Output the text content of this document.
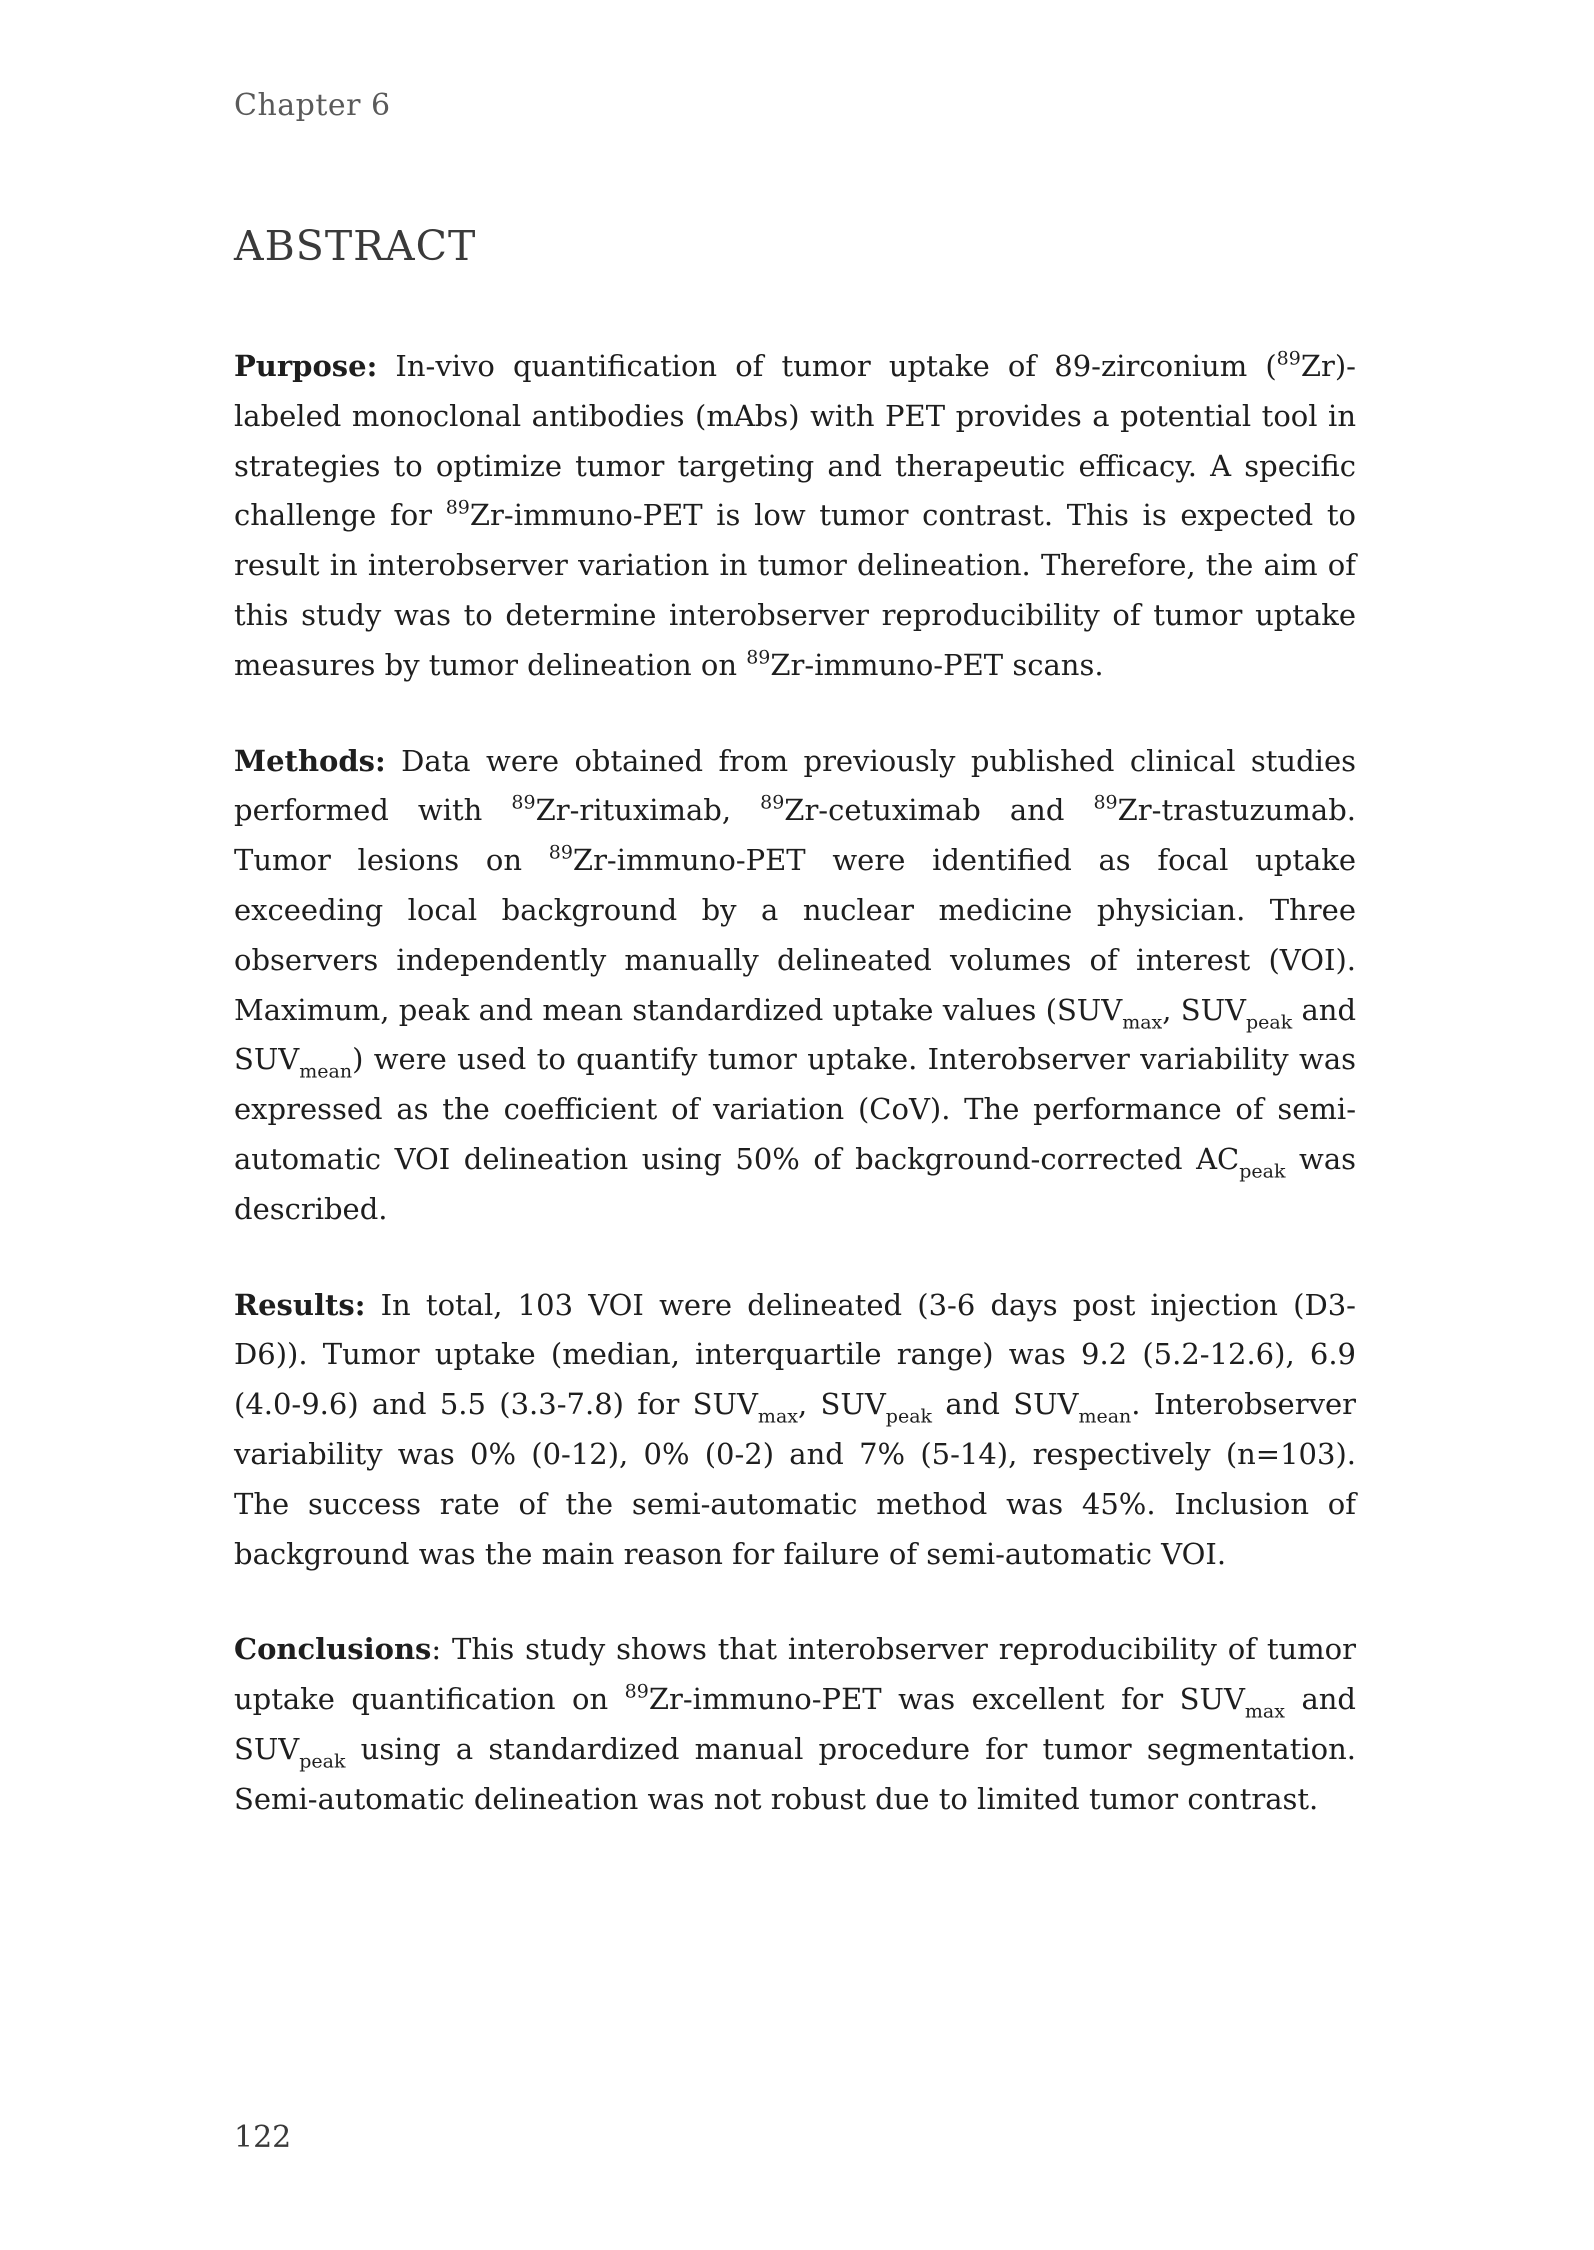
Chapter 6
ABSTRACT

Purpose: In-vivo quantification of tumor uptake of 89-zirconium ($^{89}$Zr)-labeled monoclonal antibodies (mAbs) with PET provides a potential tool in strategies to optimize tumor targeting and therapeutic efficacy. A specific challenge for $^{89}$Zr-immuno-PET is low tumor contrast. This is expected to result in interobserver variation in tumor delineation. Therefore, the aim of this study was to determine interobserver reproducibility of tumor uptake measures by tumor delineation on $^{89}$Zr-immuno-PET scans.

Methods: Data were obtained from previously published clinical studies performed with $^{89}$Zr-rituximab, $^{89}$Zr-cetuximab and $^{89}$Zr-trastuzumab. Tumor lesions on $^{89}$Zr-immuno-PET were identified as focal uptake exceeding local background by a nuclear medicine physician. Three observers independently manually delineated volumes of interest (VOI). Maximum, peak and mean standardized uptake values ($SUV_{max}$, $SUV_{peak}$ and $SUV_{mean}$) were used to quantify tumor uptake. Interobserver variability was expressed as the coefficient of variation (CoV). The performance of semi-automatic VOI delineation using 50% of background-corrected $AC_{peak}$ was described.

Results: In total, 103 VOI were delineated (3-6 days post injection (D3-D6)). Tumor uptake (median, interquartile range) was 9.2 (5.2-12.6), 6.9 (4.0-9.6) and 5.5 (3.3-7.8) for $SUV_{max}$, $SUV_{peak}$ and $SUV_{mean}$. Interobserver variability was 0% (0-12), 0% (0-2) and 7% (5-14), respectively (n=103). The success rate of the semi-automatic method was 45%. Inclusion of background was the main reason for failure of semi-automatic VOI.

Conclusions: This study shows that interobserver reproducibility of tumor uptake quantification on $^{89}$Zr-immuno-PET was excellent for $SUV_{max}$ and $SUV_{peak}$ using a standardized manual procedure for tumor segmentation. Semi-automatic delineation was not robust due to limited tumor contrast.

122
